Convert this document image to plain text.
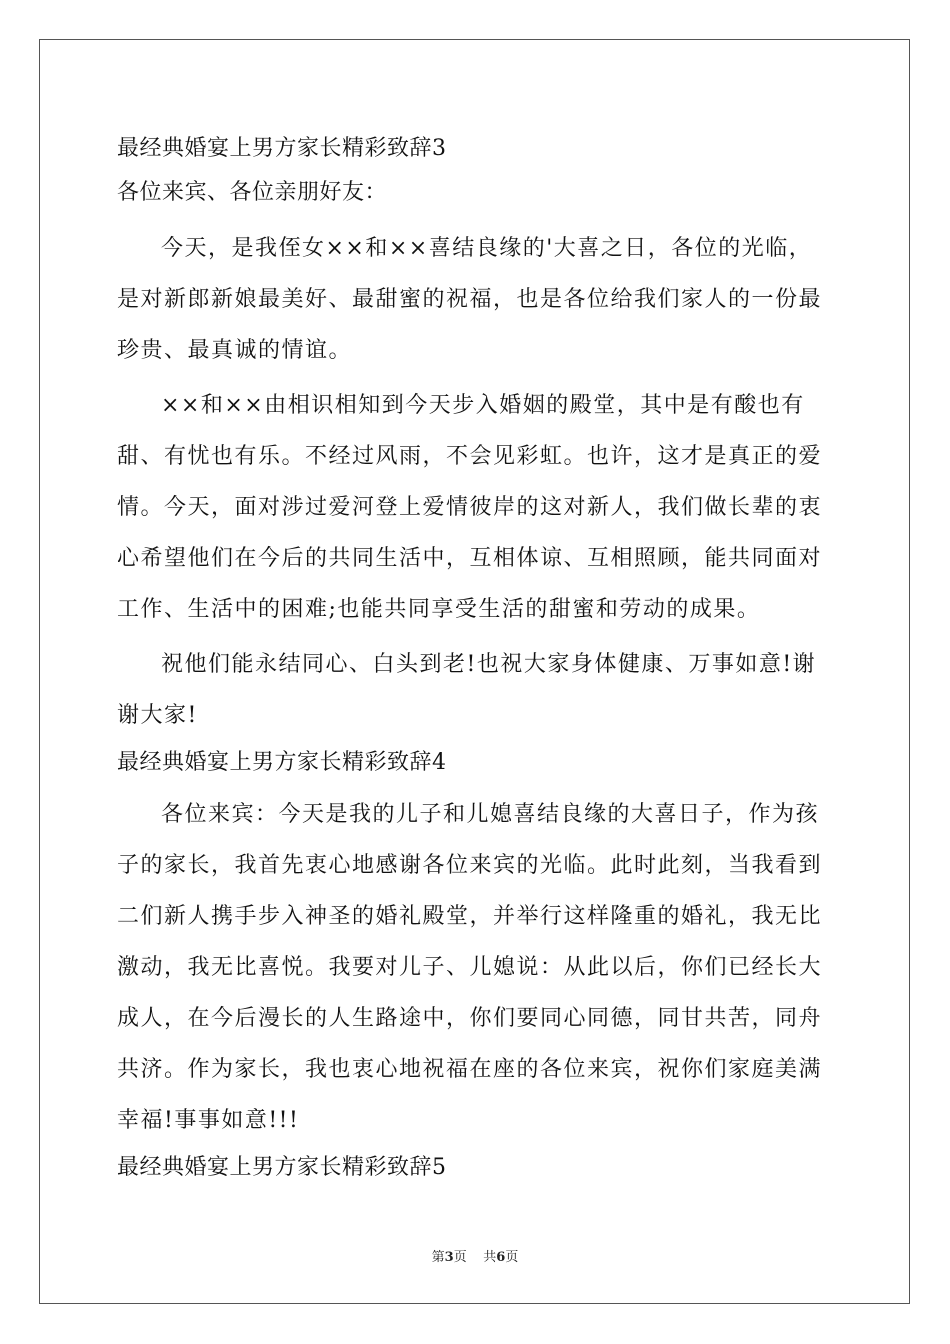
最经典婚宴上男方家长精彩致辞3
各位来宾、各位亲朋好友：
今天，是我侄女××和××喜结良缘的'大喜之日，各位的光临，
是对新郎新娘最美好、最甜蜜的祝福，也是各位给我们家人的一份最
珍贵、最真诚的情谊。
××和××由相识相知到今天步入婚姻的殿堂，其中是有酸也有
甜、有忧也有乐。不经过风雨，不会见彩虹。也许，这才是真正的爱
情。今天，面对涉过爱河登上爱情彼岸的这对新人，我们做长辈的衷
心希望他们在今后的共同生活中，互相体谅、互相照顾，能共同面对
工作、生活中的困难;也能共同享受生活的甜蜜和劳动的成果。
祝他们能永结同心、白头到老!也祝大家身体健康、万事如意!谢
谢大家!
最经典婚宴上男方家长精彩致辞4
各位来宾：今天是我的儿子和儿媳喜结良缘的大喜日子，作为孩
子的家长，我首先衷心地感谢各位来宾的光临。此时此刻，当我看到
二们新人携手步入神圣的婚礼殿堂，并举行这样隆重的婚礼，我无比
激动，我无比喜悦。我要对儿子、儿媳说：从此以后，你们已经长大
成人，在今后漫长的人生路途中，你们要同心同德，同甘共苦，同舟
共济。作为家长，我也衷心地祝福在座的各位来宾，祝你们家庭美满
幸福!事事如意!!!
最经典婚宴上男方家长精彩致辞5
第3页 共6页
